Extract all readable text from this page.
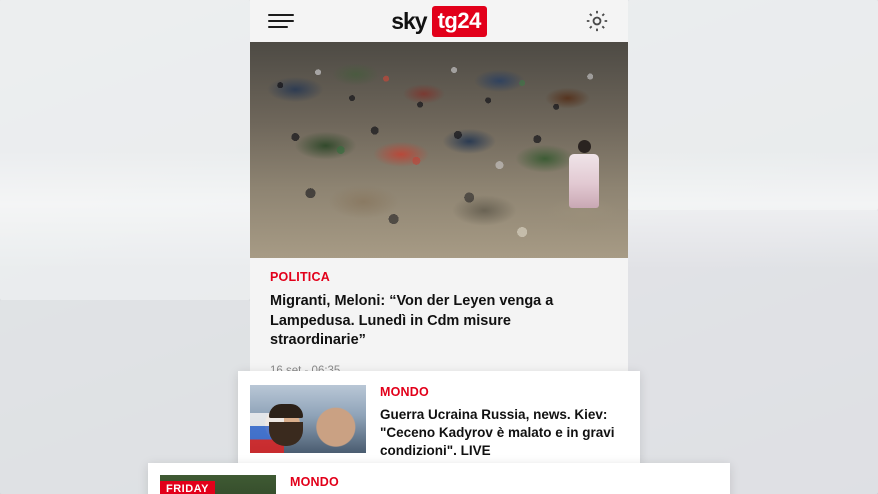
sky tg24
POLITICA
Migranti, Meloni: “Von der Leyen venga a Lampedusa. Lunedì in Cdm misure straordinarie”
MONDO
Guerra Ucraina Russia, news. Kiev: "Ceceno Kadyrov è malato e in gravi condizioni". LIVE
FRIDAY	MONDO
